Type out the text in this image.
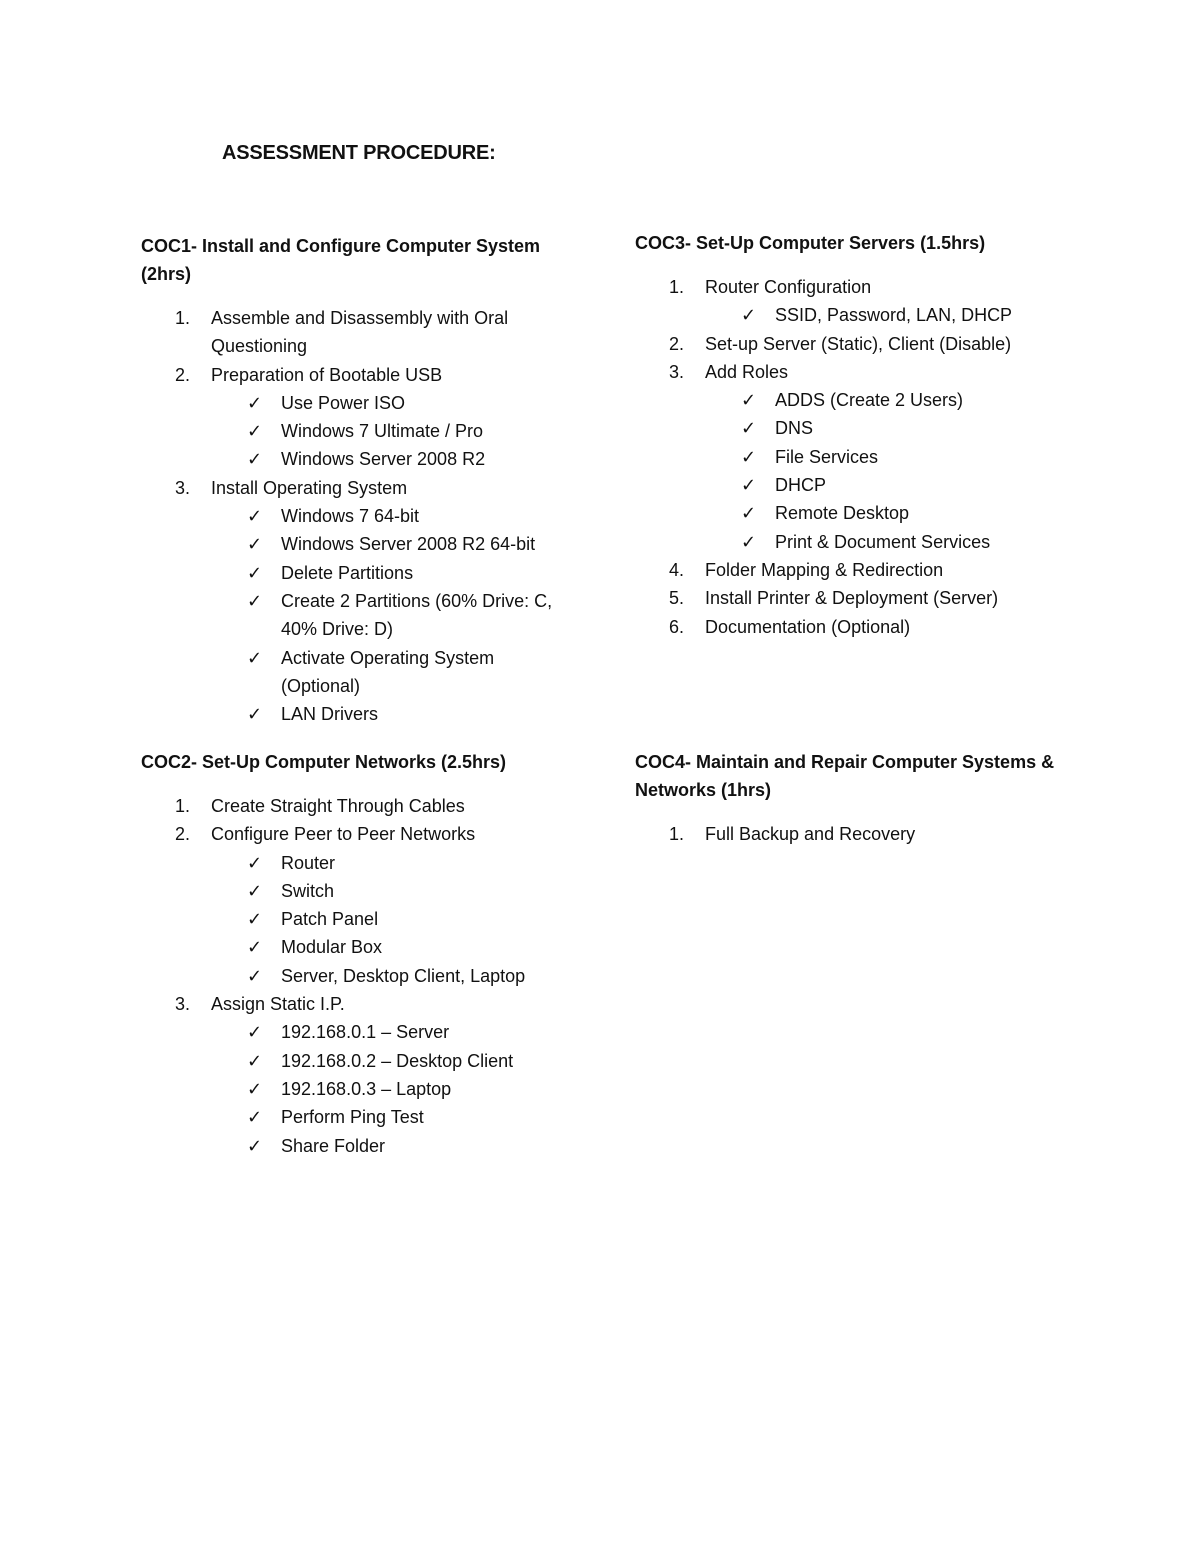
ASSESSMENT PROCEDURE:
COC1- Install and Configure Computer System (2hrs)
1. Assemble and Disassembly with Oral Questioning
2. Preparation of Bootable USB
✓ Use Power ISO
✓ Windows 7 Ultimate / Pro
✓ Windows Server 2008 R2
3. Install Operating System
✓ Windows 7 64-bit
✓ Windows Server 2008 R2 64-bit
✓ Delete Partitions
✓ Create 2 Partitions (60% Drive: C, 40% Drive: D)
✓ Activate Operating System (Optional)
✓ LAN Drivers
COC2- Set-Up Computer Networks (2.5hrs)
1. Create Straight Through Cables
2. Configure Peer to Peer Networks
✓ Router
✓ Switch
✓ Patch Panel
✓ Modular Box
✓ Server, Desktop Client, Laptop
3. Assign Static I.P.
✓ 192.168.0.1 – Server
✓ 192.168.0.2 – Desktop Client
✓ 192.168.0.3 – Laptop
✓ Perform Ping Test
✓ Share Folder
COC3- Set-Up Computer Servers (1.5hrs)
1. Router Configuration
✓ SSID, Password, LAN, DHCP
2. Set-up Server (Static), Client (Disable)
3. Add Roles
✓ ADDS (Create 2 Users)
✓ DNS
✓ File Services
✓ DHCP
✓ Remote Desktop
✓ Print & Document Services
4. Folder Mapping & Redirection
5. Install Printer & Deployment (Server)
6. Documentation (Optional)
COC4- Maintain and Repair Computer Systems & Networks (1hrs)
1. Full Backup and Recovery
